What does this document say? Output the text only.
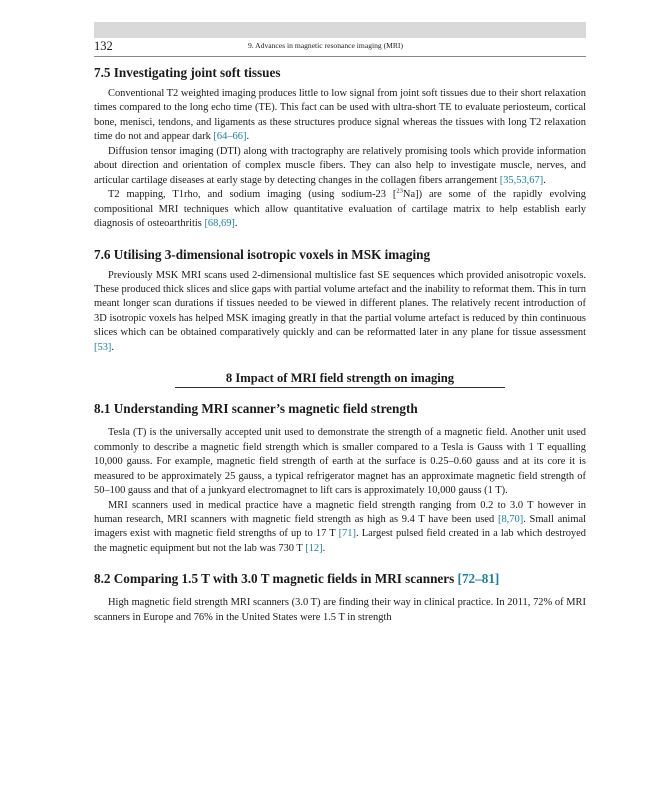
132	9. Advances in magnetic resonance imaging (MRI)
7.5 Investigating joint soft tissues

Conventional T2 weighted imaging produces little to low signal from joint soft tissues due to their short relaxation times compared to the long echo time (TE). This fact can be used with ultra-short TE to evaluate periosteum, cortical bone, menisci, tendons, and ligaments as these structures produce signal whereas the tissues with long T2 relaxation time do not and appear dark [64–66].

Diffusion tensor imaging (DTI) along with tractography are relatively promising tools which provide information about direction and orientation of complex muscle fibers. They can also help to investigate muscle, nerves, and articular cartilage diseases at early stage by detecting changes in the collagen fibers arrangement [35,53,67].

T2 mapping, T1rho, and sodium imaging (using sodium-23 [$^{23}$Na]) are some of the rapidly evolving compositional MRI techniques which allow quantitative evaluation of cartilage matrix to help establish early diagnosis of osteoarthritis [68,69].

7.6 Utilising 3-dimensional isotropic voxels in MSK imaging

Previously MSK MRI scans used 2-dimensional multislice fast SE sequences which provided anisotropic voxels. These produced thick slices and slice gaps with partial volume artefact and the inability to reformat them. This in turn meant longer scan durations if tissues needed to be viewed in different planes. The relatively recent introduction of 3D isotropic voxels has helped MSK imaging greatly in that the partial volume artefact is reduced by thin continuous slices which can be obtained comparatively quickly and can be reformatted later in any plane for tissue assessment [53].

8 Impact of MRI field strength on imaging
8.1 Understanding MRI scanner’s magnetic field strength

Tesla (T) is the universally accepted unit used to demonstrate the strength of a magnetic field. Another unit used commonly to describe a magnetic field strength which is smaller compared to a Tesla is Gauss with 1 T equalling 10,000 gauss. For example, magnetic field strength of earth at the surface is 0.25–0.60 gauss and at its core it is measured to be approximately 25 gauss, a typical refrigerator magnet has an approximate magnetic field strength of 50–100 gauss and that of a junkyard electromagnet to lift cars is approximately 10,000 gauss (1 T).

MRI scanners used in medical practice have a magnetic field strength ranging from 0.2 to 3.0 T however in human research, MRI scanners with magnetic field strength as high as 9.4 T have been used [8,70]. Small animal imagers exist with magnetic field strengths of up to 17 T [71]. Largest pulsed field created in a lab which destroyed the magnetic equipment but not the lab was 730 T [12].

8.2 Comparing 1.5 T with 3.0 T magnetic fields in MRI scanners [72–81]

High magnetic field strength MRI scanners (3.0 T) are finding their way in clinical practice. In 2011, 72% of MRI scanners in Europe and 76% in the United States were 1.5 T in strength
